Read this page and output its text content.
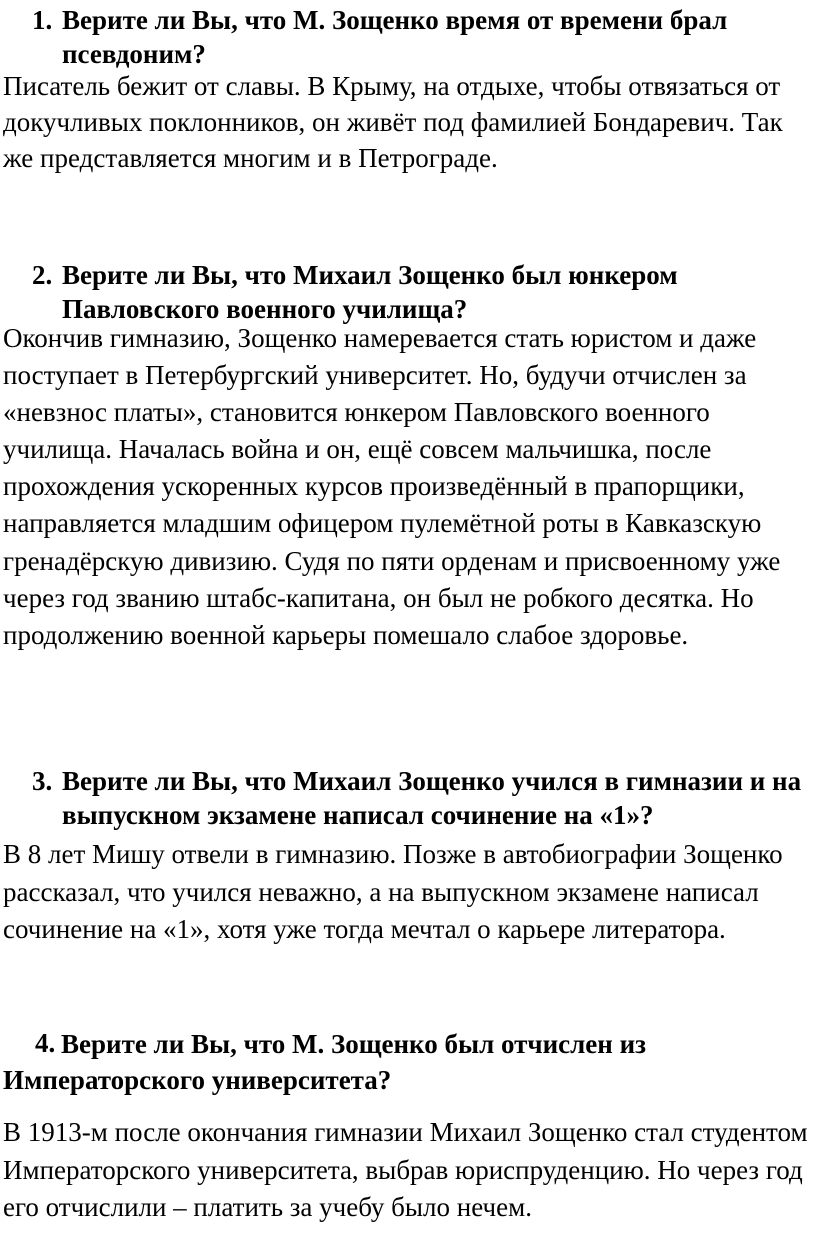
1. Верите ли Вы, что М. Зощенко время от времени брал псевдоним?
Писатель бежит от славы. В Крыму, на отдыхе, чтобы отвязаться от докучливых поклонников, он живёт под фамилией Бондаревич. Так же представляется многим и в Петрограде.
2. Верите ли Вы, что Михаил Зощенко был юнкером Павловского военного училища?
Окончив гимназию, Зощенко намеревается стать юристом и даже поступает в Петербургский университет. Но, будучи отчислен за «невзнос платы», становится юнкером Павловского военного училища. Началась война и он, ещё совсем мальчишка, после прохождения ускоренных курсов произведённый в прапорщики, направляется младшим офицером пулемётной роты в Кавказскую гренадёрскую дивизию. Судя по пяти орденам и присвоенному уже через год званию штабс-капитана, он был не робкого десятка. Но продолжению военной карьеры помешало слабое здоровье.
3. Верите ли Вы, что Михаил Зощенко учился в гимназии и на выпускном экзамене написал сочинение на «1»?
В 8 лет Мишу отвели в гимназию. Позже в автобиографии Зощенко рассказал, что учился неважно, а на выпускном экзамене написал сочинение на «1», хотя уже тогда мечтал о карьере литератора.
4. Верите ли Вы, что М. Зощенко был отчислен из Императорского университета?
В 1913-м после окончания гимназии Михаил Зощенко стал студентом Императорского университета, выбрав юриспруденцию. Но через год его отчислили – платить за учебу было нечем.
